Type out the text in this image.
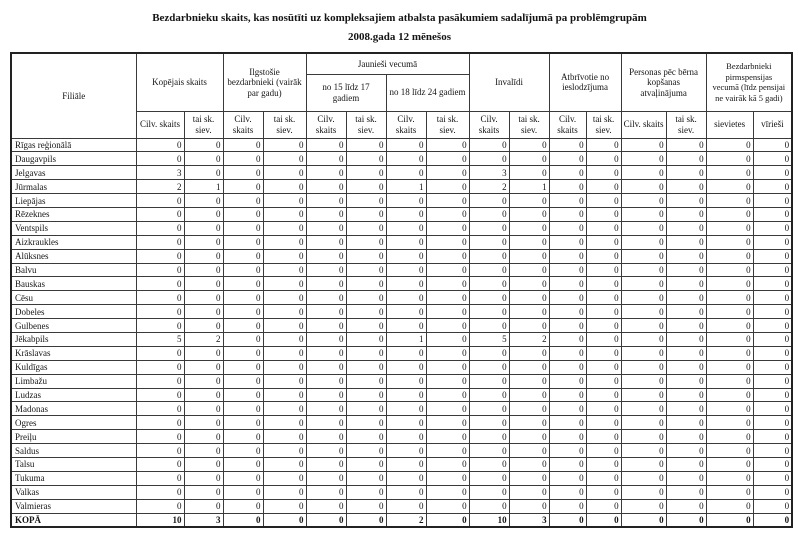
Bezdarbnieku skaits, kas nosūtīti uz kompleksajiem atbalsta pasākumiem sadalījumā pa problēmgrupām
2008.gada 12 mēnešos
Filiāle	Kopējais skaits		Ilgstošie bezdarbnieki (vairāk par gadu)		Jaunieši vecumā				Invalīdi		Atbrīvotie no ieslodzījuma		Personas pēc bērna kopšanas atvaļinājuma		Bezdarbnieki pirmspensijas vecumā (līdz pensijai ne vairāk kā 5 gadi)	

					no 15 līdz 17 gadiem		no 18 līdz 24 gadiem									
	Cilv. skaits	tai sk. siev.	Cilv. skaits	tai sk. siev.	Cilv. skaits	tai sk. siev.	Cilv. skaits	tai sk. siev.	Cilv. skaits	tai sk. siev.	Cilv. skaits	tai sk. siev.	Cilv. skaits	tai sk. siev.	sievietes	vīrieši
Rīgas reģionālā	0	0	0	0	0	0	0	0	0	0	0	0	0	0	0	0
Daugavpils	0	0	0	0	0	0	0	0	0	0	0	0	0	0	0	0
Jelgavas	3	0	0	0	0	0	0	0	3	0	0	0	0	0	0	0
Jūrmalas	2	1	0	0	0	0	1	0	2	1	0	0	0	0	0	0
Liepājas	0	0	0	0	0	0	0	0	0	0	0	0	0	0	0	0
Rēzeknes	0	0	0	0	0	0	0	0	0	0	0	0	0	0	0	0
Ventspils	0	0	0	0	0	0	0	0	0	0	0	0	0	0	0	0
Aizkraukles	0	0	0	0	0	0	0	0	0	0	0	0	0	0	0	0
Alūksnes	0	0	0	0	0	0	0	0	0	0	0	0	0	0	0	0
Balvu	0	0	0	0	0	0	0	0	0	0	0	0	0	0	0	0
Bauskas	0	0	0	0	0	0	0	0	0	0	0	0	0	0	0	0
Cēsu	0	0	0	0	0	0	0	0	0	0	0	0	0	0	0	0
Dobeles	0	0	0	0	0	0	0	0	0	0	0	0	0	0	0	0
Gulbenes	0	0	0	0	0	0	0	0	0	0	0	0	0	0	0	0
Jēkabpils	5	2	0	0	0	0	1	0	5	2	0	0	0	0	0	0
Krāslavas	0	0	0	0	0	0	0	0	0	0	0	0	0	0	0	0
Kuldīgas	0	0	0	0	0	0	0	0	0	0	0	0	0	0	0	0
Limbažu	0	0	0	0	0	0	0	0	0	0	0	0	0	0	0	0
Ludzas	0	0	0	0	0	0	0	0	0	0	0	0	0	0	0	0
Madonas	0	0	0	0	0	0	0	0	0	0	0	0	0	0	0	0
Ogres	0	0	0	0	0	0	0	0	0	0	0	0	0	0	0	0
Preiļu	0	0	0	0	0	0	0	0	0	0	0	0	0	0	0	0
Saldus	0	0	0	0	0	0	0	0	0	0	0	0	0	0	0	0
Talsu	0	0	0	0	0	0	0	0	0	0	0	0	0	0	0	0
Tukuma	0	0	0	0	0	0	0	0	0	0	0	0	0	0	0	0
Valkas	0	0	0	0	0	0	0	0	0	0	0	0	0	0	0	0
Valmieras	0	0	0	0	0	0	0	0	0	0	0	0	0	0	0	0
KOPĀ	10	3	0	0	0	0	2	0	10	3	0	0	0	0	0	0
